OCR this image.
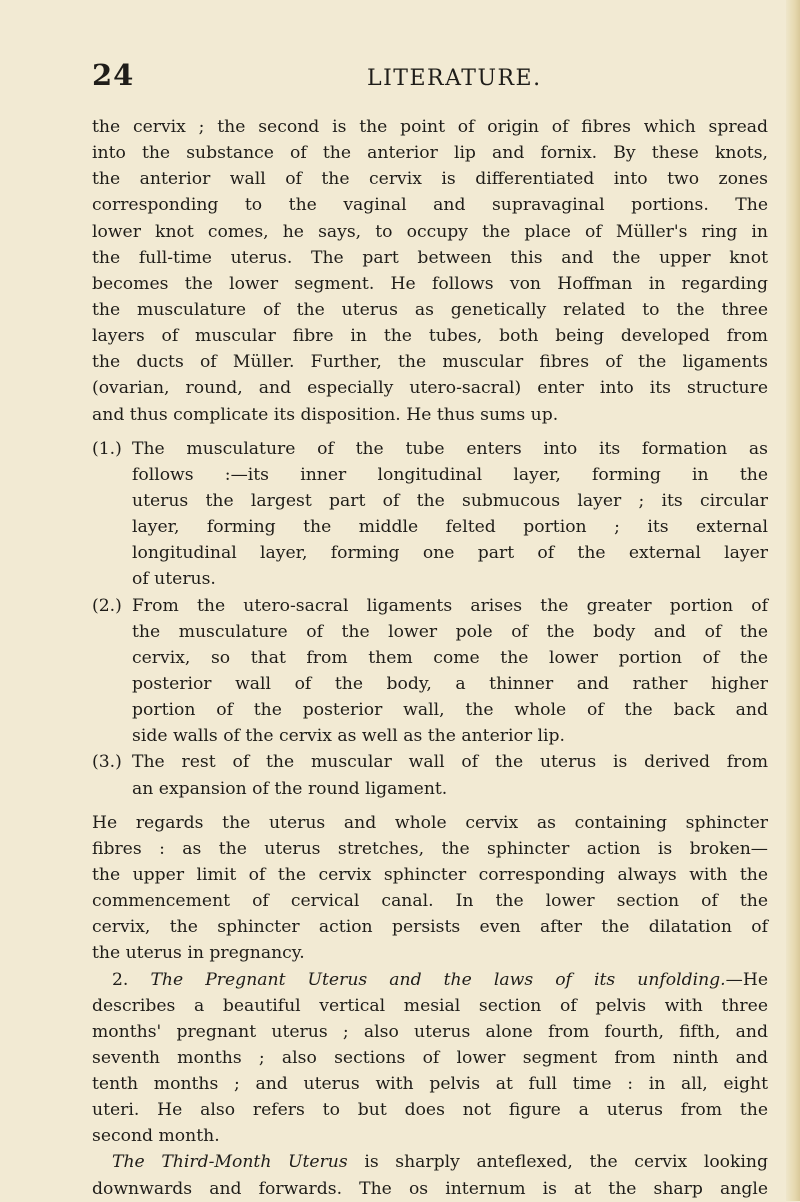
24	LITERATURE.
the cervix ; the second is the point of origin of fibres which spread
into the substance of the anterior lip and fornix. By these knots,
the anterior wall of the cervix is differentiated into two zones
corresponding to the vaginal and supravaginal portions. The
lower knot comes, he says, to occupy the place of Müller's ring in
the full-time uterus. The part between this and the upper knot
becomes the lower segment. He follows von Hoffman in regarding
the musculature of the uterus as genetically related to the three
layers of muscular fibre in the tubes, both being developed from
the ducts of Müller. Further, the muscular fibres of the ligaments
(ovarian, round, and especially utero-sacral) enter into its structure
and thus complicate its disposition. He thus sums up.
(1.) The musculature of the tube enters into its formation as
follows :—its inner longitudinal layer, forming in the
uterus the largest part of the submucous layer ; its circular
layer, forming the middle felted portion ; its external
longitudinal layer, forming one part of the external layer
of uterus.
(2.) From the utero-sacral ligaments arises the greater portion of
the musculature of the lower pole of the body and of the
cervix, so that from them come the lower portion of the
posterior wall of the body, a thinner and rather higher
portion of the posterior wall, the whole of the back and
side walls of the cervix as well as the anterior lip.
(3.) The rest of the muscular wall of the uterus is derived from
an expansion of the round ligament.
He regards the uterus and whole cervix as containing sphincter
fibres : as the uterus stretches, the sphincter action is broken—
the upper limit of the cervix sphincter corresponding always with the
commencement of cervical canal. In the lower section of the
cervix, the sphincter action persists even after the dilatation of
the uterus in pregnancy.
2. The Pregnant Uterus and the laws of its unfolding.—He
describes a beautiful vertical mesial section of pelvis with three
months' pregnant uterus ; also uterus alone from fourth, fifth, and
seventh months ; also sections of lower segment from ninth and
tenth months ; and uterus with pelvis at full time : in all, eight
uteri. He also refers to but does not figure a uterus from the
second month.
The Third-Month Uterus is sharply anteflexed, the cervix looking
downwards and forwards. The os internum is at the sharp angle
